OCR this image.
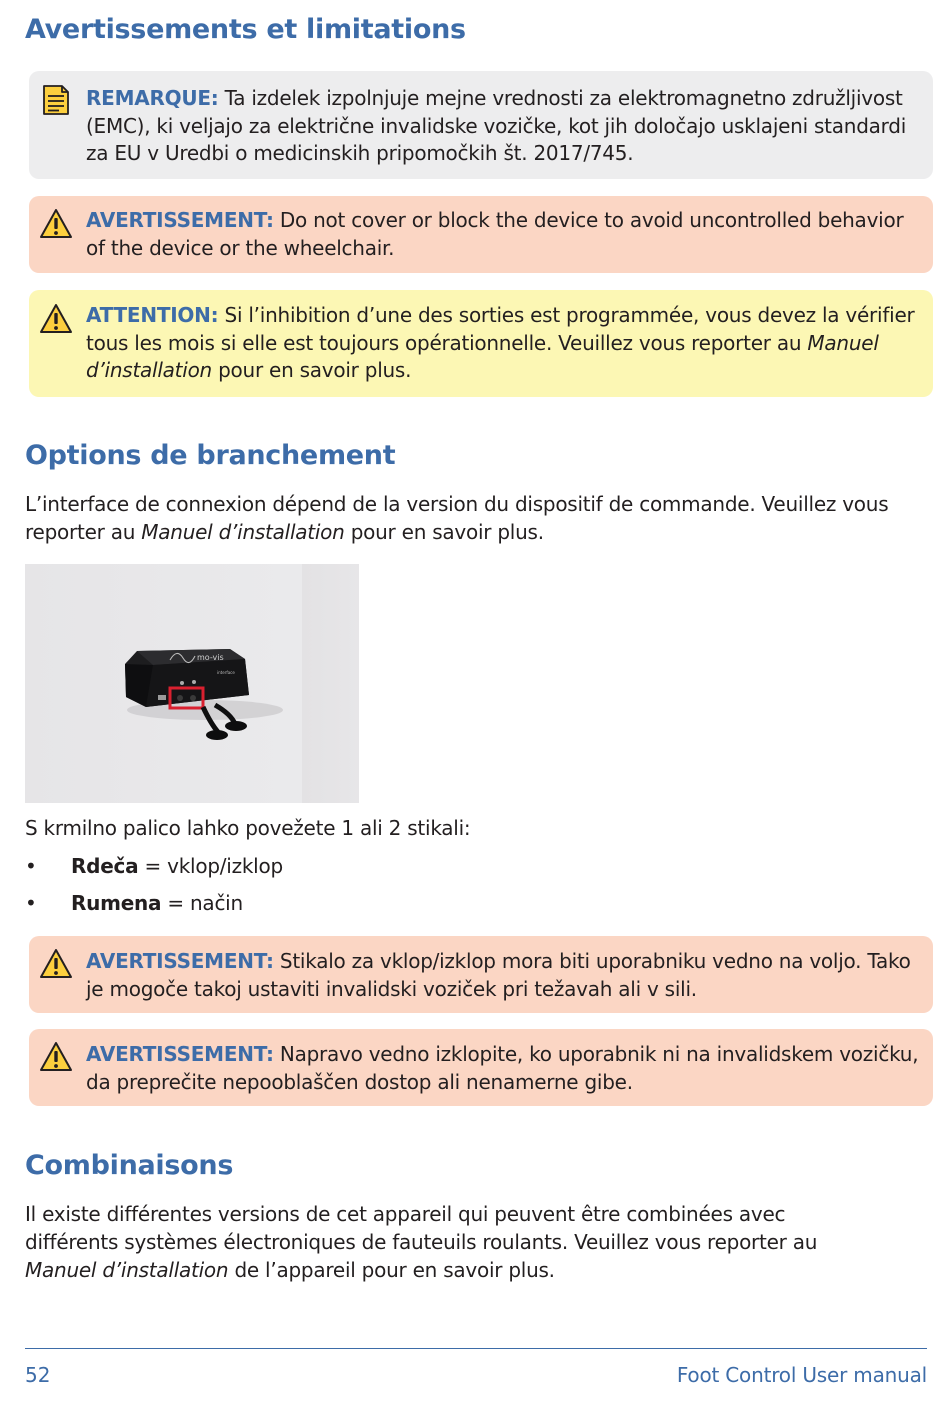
Avertissements et limitations
REMARQUE: Ta izdelek izpolnjuje mejne vrednosti za elektromagnetno združljivost (EMC), ki veljajo za električne invalidske vozičke, kot jih določajo usklajeni standardi za EU v Uredbi o medicinskih pripomočkih št. 2017/745.
AVERTISSEMENT: Do not cover or block the device to avoid uncontrolled behavior of the device or the wheelchair.
ATTENTION: Si l’inhibition d’une des sorties est programmée, vous devez la vérifier tous les mois si elle est toujours opérationnelle. Veuillez vous reporter au Manuel d’installation pour en savoir plus.
Options de branchement

L’interface de connexion dépend de la version du dispositif de commande. Veuillez vous reporter au Manuel d’installation pour en savoir plus.

mo-vis
interface

S krmilno palico lahko povežete 1 ali 2 stikali:

• Rdeča = vklop/izklop
• Rumena = način
AVERTISSEMENT: Stikalo za vklop/izklop mora biti uporabniku vedno na voljo. Tako je mogoče takoj ustaviti invalidski voziček pri težavah ali v sili.
AVERTISSEMENT: Napravo vedno izklopite, ko uporabnik ni na invalidskem vozičku, da preprečite nepooblaščen dostop ali nenamerne gibe.
Combinaisons

Il existe différentes versions de cet appareil qui peuvent être combinées avec différents systèmes électroniques de fauteuils roulants. Veuillez vous reporter au Manuel d’installation de l’appareil pour en savoir plus.

52	Foot Control User manual
